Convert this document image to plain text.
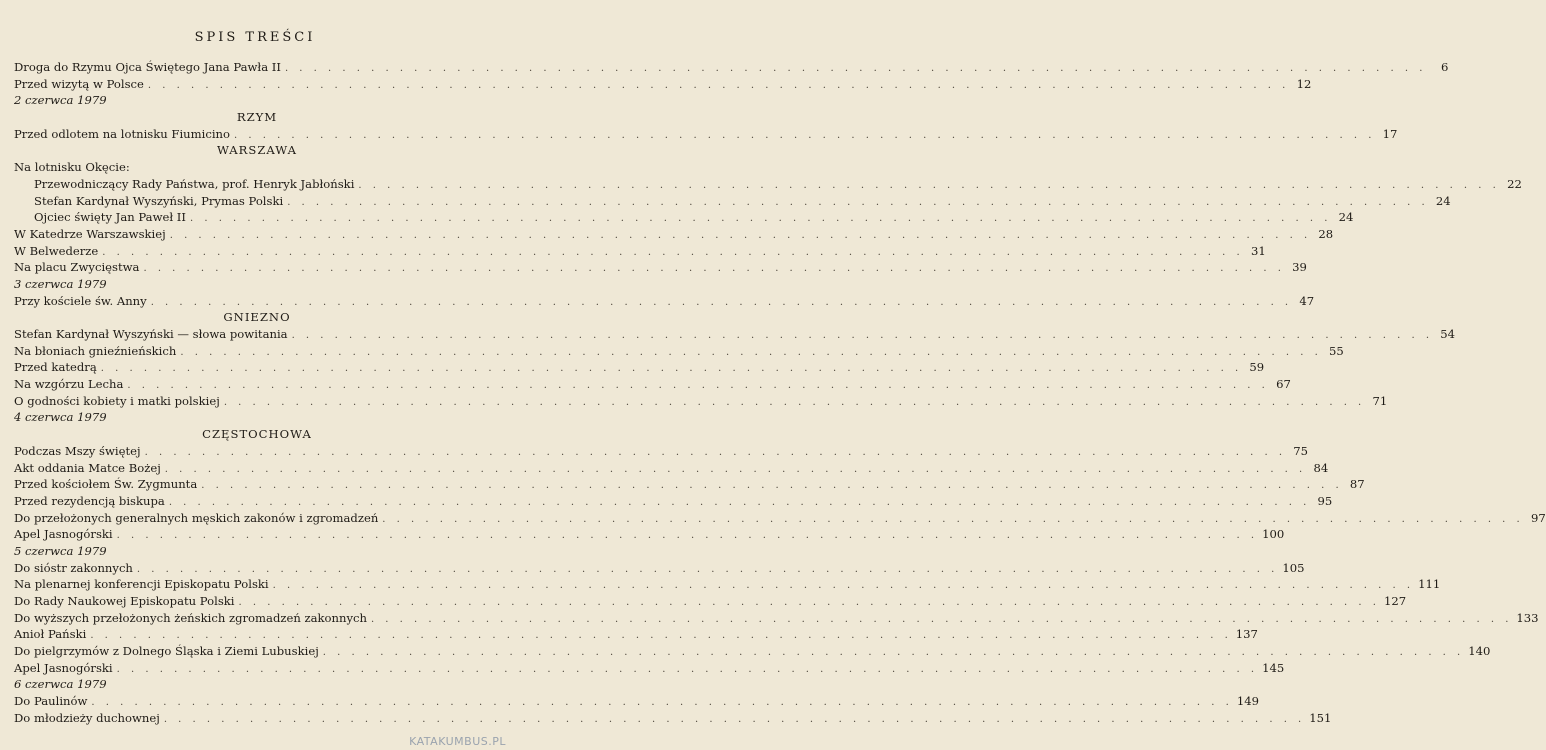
SPIS TREŚCI
Droga do Rzymu Ojca Świętego Jana Pawła II . . . . . . . . . . . . . . . . . . . . . . . . . . . . . . . . . . . . . . . . . . . . . . . . . . . . . . . . . . . . . . . . . . . . . . . . . . . . . . . .	6
Przed wizytą w Polsce . . . . . . . . . . . . . . . . . . . . . . . . . . . . . . . . . . . . . . . . . . . . . . . . . . . . . . . . . . . . . . . . . . . . . . . . . . . . . . . . 12
2 czerwca 1979
RZYM
Przed odlotem na lotnisku Fiumicino . . . . . . . . . . . . . . . . . . . . . . . . . . . . . . . . . . . . . . . . . . . . . . . . . . . . . . . . . . . . . . . . . . . . . . . . . . . . . . . . 17
WARSZAWA
Na lotnisku Okęcie:
Przewodniczący Rady Państwa, prof. Henryk Jabłoński . . . . . . . . . . . . . . . . . . . . . . . . . . . . . . . . . . . . . . . . . . . . . . . . . . . . . . . . . . . . . . . . . . . . . . . . . . . . . . . . 22
Stefan Kardynał Wyszyński, Prymas Polski . . . . . . . . . . . . . . . . . . . . . . . . . . . . . . . . . . . . . . . . . . . . . . . . . . . . . . . . . . . . . . . . . . . . . . . . . . . . . . . . 24
Ojciec święty Jan Paweł II . . . . . . . . . . . . . . . . . . . . . . . . . . . . . . . . . . . . . . . . . . . . . . . . . . . . . . . . . . . . . . . . . . . . . . . . . . . . . . . . 24
W Katedrze Warszawskiej . . . . . . . . . . . . . . . . . . . . . . . . . . . . . . . . . . . . . . . . . . . . . . . . . . . . . . . . . . . . . . . . . . . . . . . . . . . . . . . . 28
W Belwederze . . . . . . . . . . . . . . . . . . . . . . . . . . . . . . . . . . . . . . . . . . . . . . . . . . . . . . . . . . . . . . . . . . . . . . . . . . . . . . . . 31
Na placu Zwycięstwa . . . . . . . . . . . . . . . . . . . . . . . . . . . . . . . . . . . . . . . . . . . . . . . . . . . . . . . . . . . . . . . . . . . . . . . . . . . . . . . . 39
3 czerwca 1979
Przy kościele św. Anny . . . . . . . . . . . . . . . . . . . . . . . . . . . . . . . . . . . . . . . . . . . . . . . . . . . . . . . . . . . . . . . . . . . . . . . . . . . . . . . . 47
GNIEZNO
Stefan Kardynał Wyszyński — słowa powitania . . . . . . . . . . . . . . . . . . . . . . . . . . . . . . . . . . . . . . . . . . . . . . . . . . . . . . . . . . . . . . . . . . . . . . . . . . . . . . . . 54
Na błoniach gnieźnieńskich . . . . . . . . . . . . . . . . . . . . . . . . . . . . . . . . . . . . . . . . . . . . . . . . . . . . . . . . . . . . . . . . . . . . . . . . . . . . . . . . 55
Przed katedrą . . . . . . . . . . . . . . . . . . . . . . . . . . . . . . . . . . . . . . . . . . . . . . . . . . . . . . . . . . . . . . . . . . . . . . . . . . . . . . . . 59
Na wzgórzu Lecha . . . . . . . . . . . . . . . . . . . . . . . . . . . . . . . . . . . . . . . . . . . . . . . . . . . . . . . . . . . . . . . . . . . . . . . . . . . . . . . . 67
O godności kobiety i matki polskiej . . . . . . . . . . . . . . . . . . . . . . . . . . . . . . . . . . . . . . . . . . . . . . . . . . . . . . . . . . . . . . . . . . . . . . . . . . . . . . . . 71
4 czerwca 1979
CZĘSTOCHOWA
Podczas Mszy świętej . . . . . . . . . . . . . . . . . . . . . . . . . . . . . . . . . . . . . . . . . . . . . . . . . . . . . . . . . . . . . . . . . . . . . . . . . . . . . . . . 75
Akt oddania Matce Bożej . . . . . . . . . . . . . . . . . . . . . . . . . . . . . . . . . . . . . . . . . . . . . . . . . . . . . . . . . . . . . . . . . . . . . . . . . . . . . . . . 84
Przed kościołem Św. Zygmunta . . . . . . . . . . . . . . . . . . . . . . . . . . . . . . . . . . . . . . . . . . . . . . . . . . . . . . . . . . . . . . . . . . . . . . . . . . . . . . . . 87
Przed rezydencją biskupa . . . . . . . . . . . . . . . . . . . . . . . . . . . . . . . . . . . . . . . . . . . . . . . . . . . . . . . . . . . . . . . . . . . . . . . . . . . . . . . . 95
Do przełożonych generalnych męskich zakonów i zgromadzeń . . . . . . . . . . . . . . . . . . . . . . . . . . . . . . . . . . . . . . . . . . . . . . . . . . . . . . . . . . . . . . . . . . . . . . . . . . . . . . . . 97
Apel Jasnogórski . . . . . . . . . . . . . . . . . . . . . . . . . . . . . . . . . . . . . . . . . . . . . . . . . . . . . . . . . . . . . . . . . . . . . . . . . . . . . . . . 100
5 czerwca 1979
Do sióstr zakonnych . . . . . . . . . . . . . . . . . . . . . . . . . . . . . . . . . . . . . . . . . . . . . . . . . . . . . . . . . . . . . . . . . . . . . . . . . . . . . . . . 105
Na plenarnej konferencji Episkopatu Polski . . . . . . . . . . . . . . . . . . . . . . . . . . . . . . . . . . . . . . . . . . . . . . . . . . . . . . . . . . . . . . . . . . . . . . . . . . . . . . . . 111
Do Rady Naukowej Episkopatu Polski . . . . . . . . . . . . . . . . . . . . . . . . . . . . . . . . . . . . . . . . . . . . . . . . . . . . . . . . . . . . . . . . . . . . . . . . . . . . . . . . 127
Do wyższych przełożonych żeńskich zgromadzeń zakonnych . . . . . . . . . . . . . . . . . . . . . . . . . . . . . . . . . . . . . . . . . . . . . . . . . . . . . . . . . . . . . . . . . . . . . . . . . . . . . . . . 133
Anioł Pański . . . . . . . . . . . . . . . . . . . . . . . . . . . . . . . . . . . . . . . . . . . . . . . . . . . . . . . . . . . . . . . . . . . . . . . . . . . . . . . . 137
Do pielgrzymów z Dolnego Śląska i Ziemi Lubuskiej . . . . . . . . . . . . . . . . . . . . . . . . . . . . . . . . . . . . . . . . . . . . . . . . . . . . . . . . . . . . . . . . . . . . . . . . . . . . . . . . 140
Apel Jasnogórski . . . . . . . . . . . . . . . . . . . . . . . . . . . . . . . . . . . . . . . . . . . . . . . . . . . . . . . . . . . . . . . . . . . . . . . . . . . . . . . . 145
6 czerwca 1979
Do Paulinów . . . . . . . . . . . . . . . . . . . . . . . . . . . . . . . . . . . . . . . . . . . . . . . . . . . . . . . . . . . . . . . . . . . . . . . . . . . . . . . . 149
Do młodzieży duchownej . . . . . . . . . . . . . . . . . . . . . . . . . . . . . . . . . . . . . . . . . . . . . . . . . . . . . . . . . . . . . . . . . . . . . . . . . . . . . . . . 151
KATAKUMBUS.PL
